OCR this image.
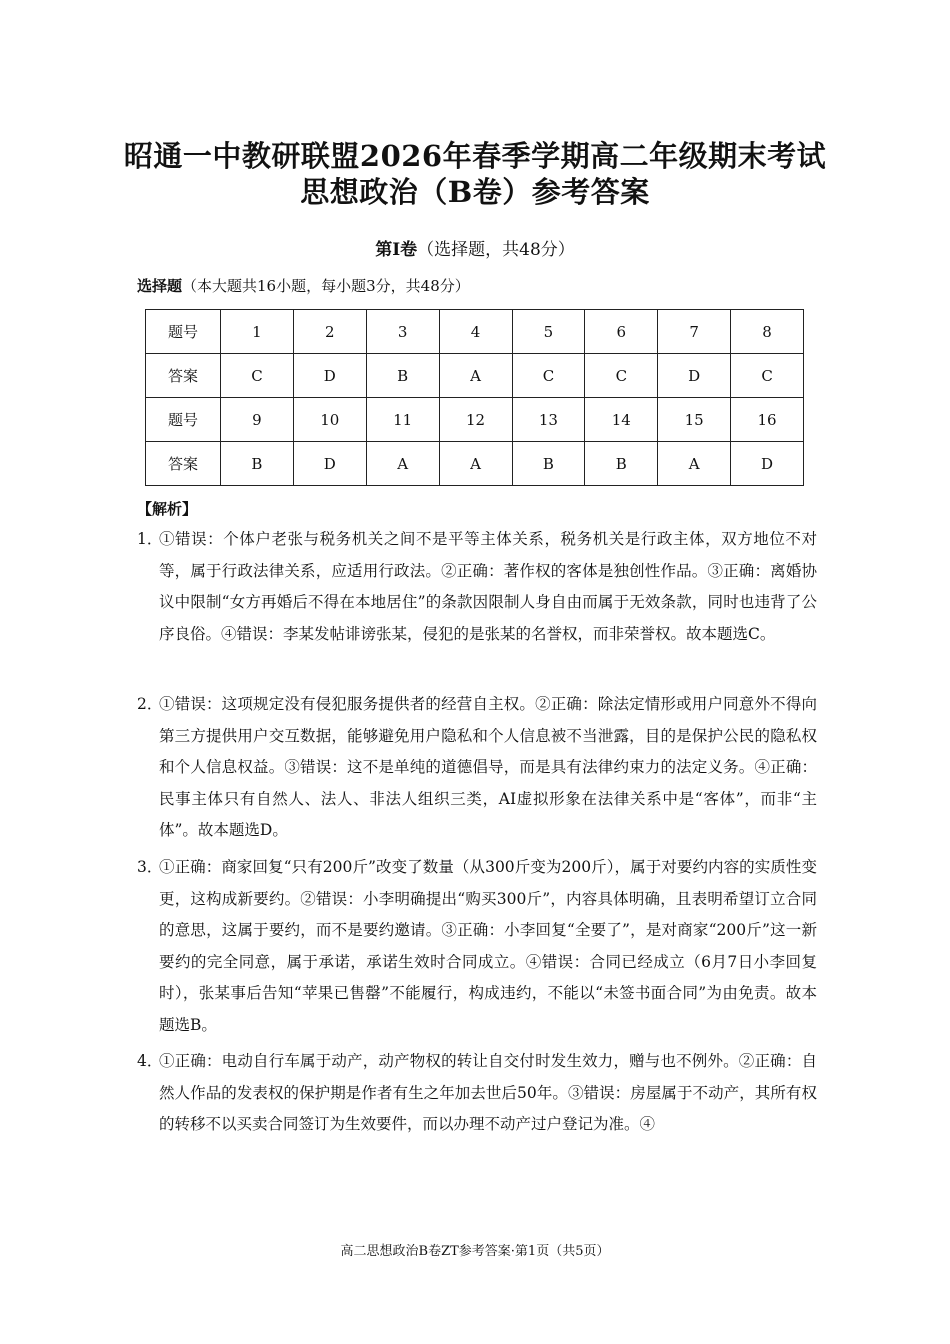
昭通一中教研联盟2026年春季学期高二年级期末考试
思想政治（B卷）参考答案
第Ⅰ卷（选择题，共48分）
选择题（本大题共16小题，每小题3分，共48分）
题号	1	2	3	4	5	6	7	8
答案	C	D	B	A	C	C	D	C
题号	9	10	11	12	13	14	15	16
答案	B	D	A	A	B	B	A	D
【解析】
1．
①错误：个体户老张与税务机关之间不是平等主体关系，税务机关是行政主体，双方地位不对等，属于行政法律关系，应适用行政法。②正确：著作权的客体是独创性作品。③正确：离婚协议中限制“女方再婚后不得在本地居住”的条款因限制人身自由而属于无效条款，同时也违背了公序良俗。④错误：李某发帖诽谤张某，侵犯的是张某的名誉权，而非荣誉权。故本题选C。
2．
①错误：这项规定没有侵犯服务提供者的经营自主权。②正确：除法定情形或用户同意外不得向第三方提供用户交互数据，能够避免用户隐私和个人信息被不当泄露，目的是保护公民的隐私权和个人信息权益。③错误：这不是单纯的道德倡导，而是具有法律约束力的法定义务。④正确：民事主体只有自然人、法人、非法人组织三类，AI虚拟形象在法律关系中是“客体”，而非“主体”。故本题选D。
3．
①正确：商家回复“只有200斤”改变了数量（从300斤变为200斤），属于对要约内容的实质性变更，这构成新要约。②错误：小李明确提出“购买300斤”，内容具体明确，且表明希望订立合同的意思，这属于要约，而不是要约邀请。③正确：小李回复“全要了”，是对商家“200斤”这一新要约的完全同意，属于承诺，承诺生效时合同成立。④错误：合同已经成立（6月7日小李回复时），张某事后告知“苹果已售罄”不能履行，构成违约，不能以“未签书面合同”为由免责。故本题选B。
4．
①正确：电动自行车属于动产，动产物权的转让自交付时发生效力，赠与也不例外。②正确：自然人作品的发表权的保护期是作者有生之年加去世后50年。③错误：房屋属于不动产，其所有权的转移不以买卖合同签订为生效要件，而以办理不动产过户登记为准。④
高二思想政治B卷ZT参考答案·第1页（共5页）
